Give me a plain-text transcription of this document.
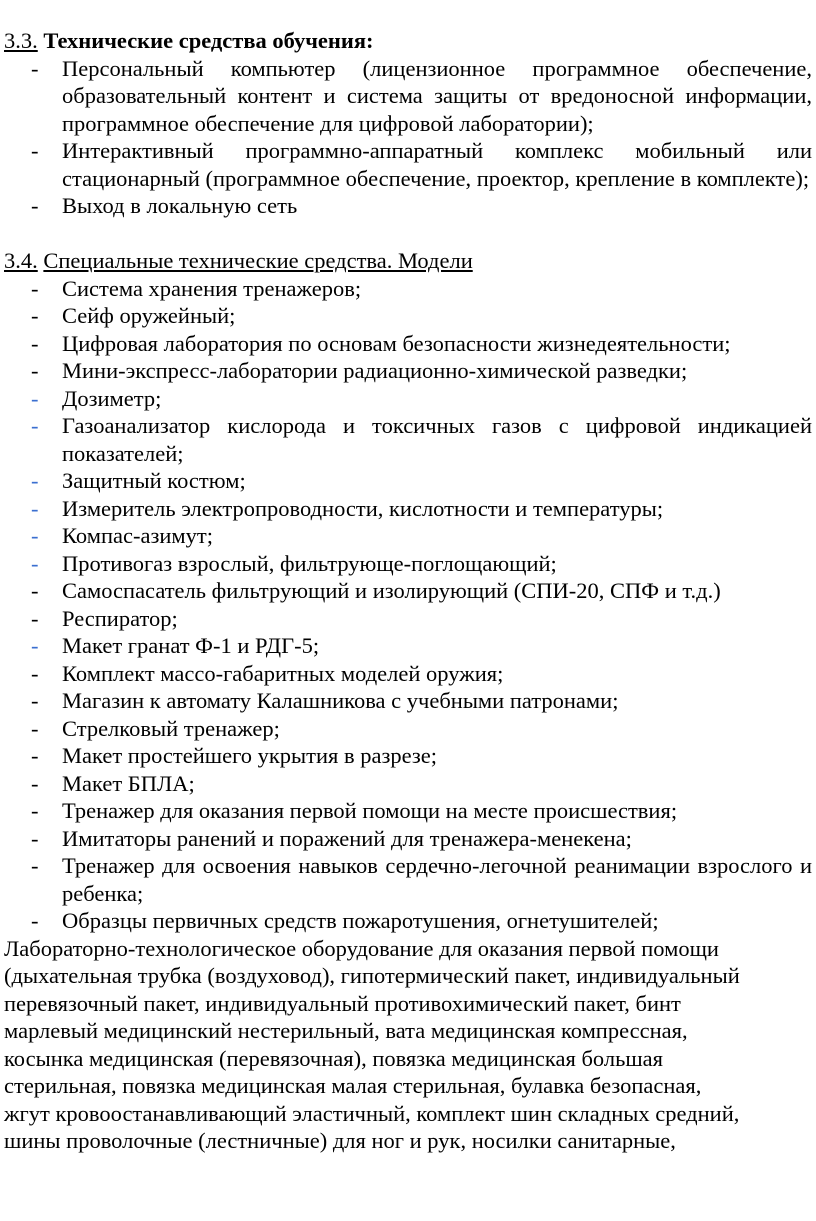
3.3. Технические средства обучения:

- Персональный компьютер (лицензионное программное обеспечение, образовательный контент и система защиты от вредоносной информации, программное обеспечение для цифровой лаборатории);
- Интерактивный программно-аппаратный комплекс мобильный или стационарный (программное обеспечение, проектор, крепление в комплекте);
- Выход в локальную сеть

3.4. Специальные технические средства. Модели

- Система хранения тренажеров;
- Сейф оружейный;
- Цифровая лаборатория по основам безопасности жизнедеятельности;
- Мини-экспресс-лаборатории радиационно-химической разведки;
- Дозиметр;
- Газоанализатор кислорода и токсичных газов с цифровой индикацией показателей;
- Защитный костюм;
- Измеритель электропроводности, кислотности и температуры;
- Компас-азимут;
- Противогаз взрослый, фильтрующе-поглощающий;
- Самоспасатель фильтрующий и изолирующий (СПИ-20, СПФ и т.д.)
- Респиратор;
- Макет гранат Ф-1 и РДГ-5;
- Комплект массо-габаритных моделей оружия;
- Магазин к автомату Калашникова с учебными патронами;
- Стрелковый тренажер;
- Макет простейшего укрытия в разрезе;
- Макет БПЛА;
- Тренажер для оказания первой помощи на месте происшествия;
- Имитаторы ранений и поражений для тренажера-менекена;
- Тренажер для освоения навыков сердечно-легочной реанимации взрослого и ребенка;
- Образцы первичных средств пожаротушения, огнетушителей;

Лабораторно-технологическое оборудование для оказания первой помощи
(дыхательная трубка (воздуховод), гипотермический пакет, индивидуальный
перевязочный пакет, индивидуальный противохимический пакет, бинт
марлевый медицинский нестерильный, вата медицинская компрессная,
косынка медицинская (перевязочная), повязка медицинская большая
стерильная, повязка медицинская малая стерильная, булавка безопасная,
жгут кровоостанавливающий эластичный, комплект шин складных средний,
шины проволочные (лестничные) для ног и рук, носилки санитарные,
